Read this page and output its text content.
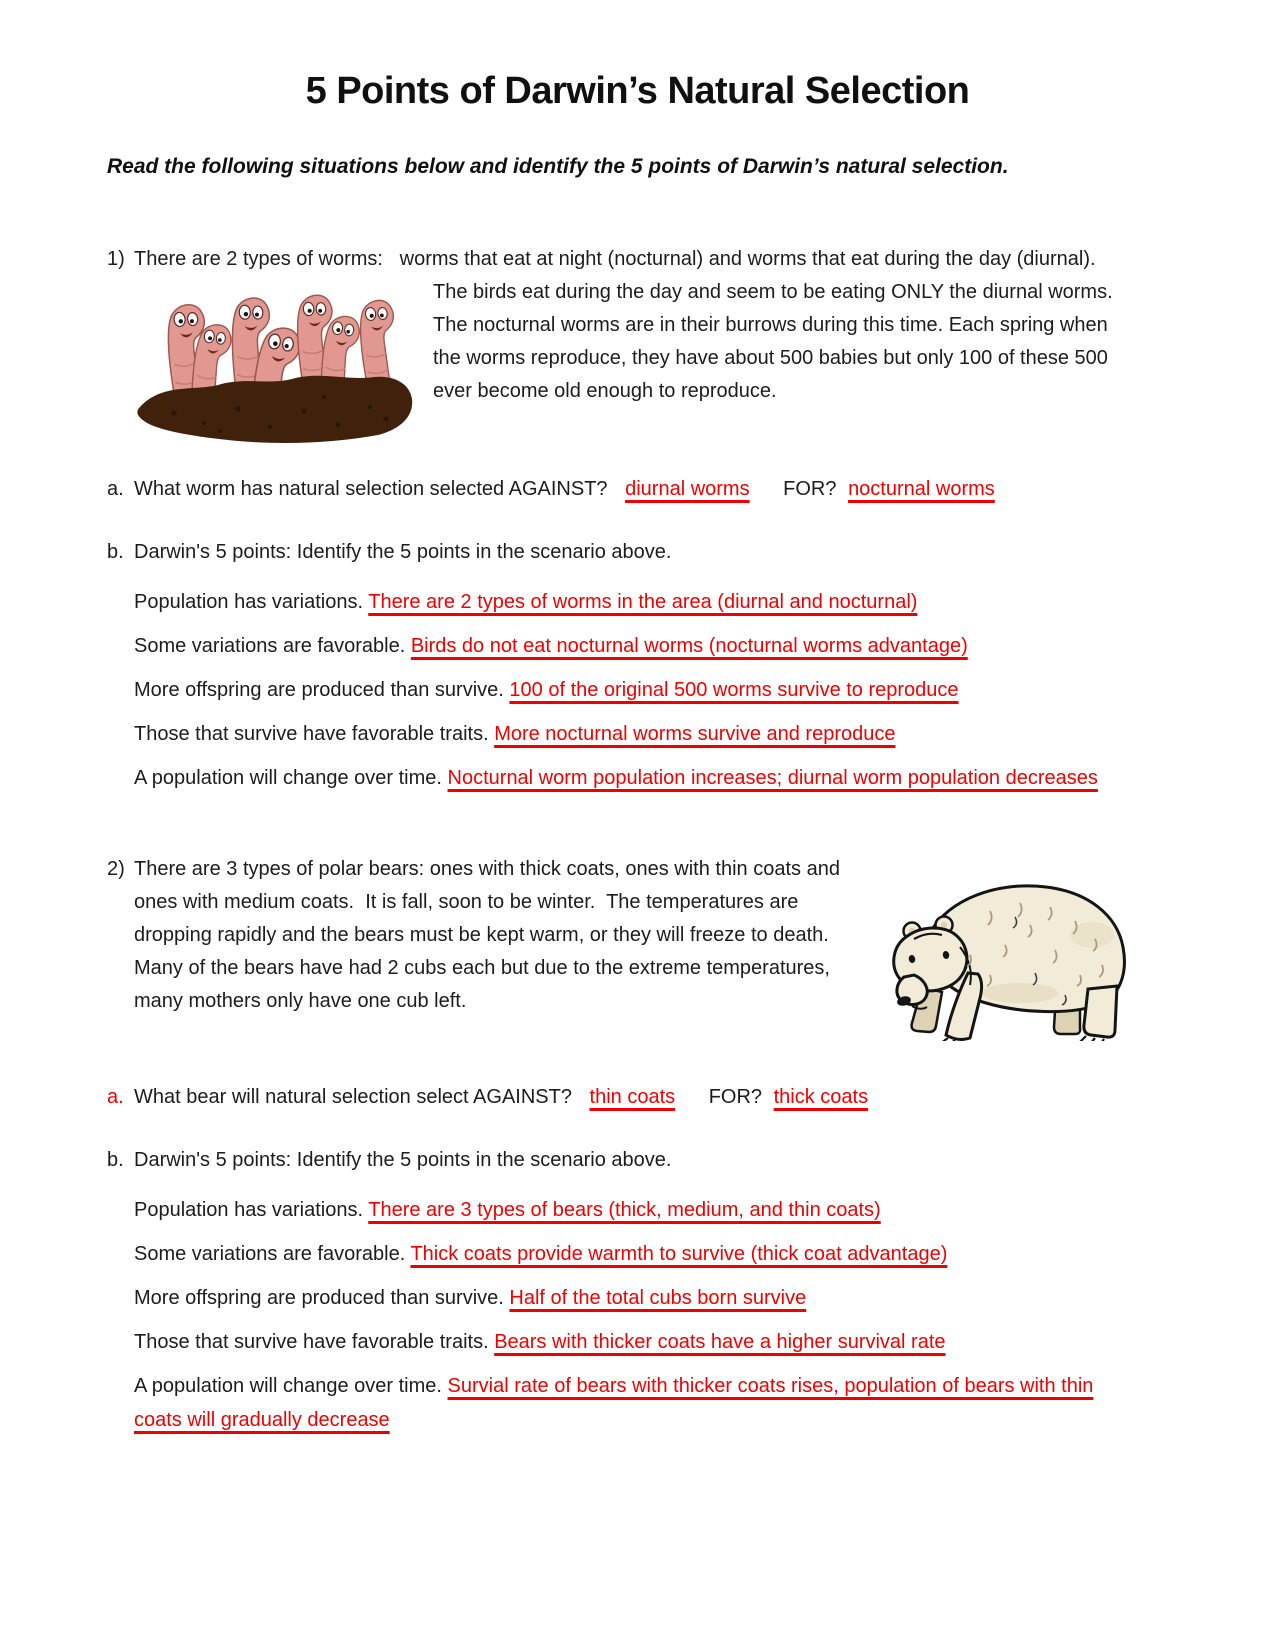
5 Points of Darwin’s Natural Selection

Read the following situations below and identify the 5 points of Darwin’s natural selection.

1) There are 2 types of worms:   worms that eat at night (nocturnal) and worms that eat during the day (diurnal).  The birds eat during the day and seem to be eating ONLY the diurnal worms.  The nocturnal worms are in their burrows during this time. Each spring when the worms reproduce, they have about 500 babies but only 100 of these 500 ever become old enough to reproduce.
a. What worm has natural selection selected AGAINST? diurnal worms FOR? nocturnal worms
b. Darwin's 5 points: Identify the 5 points in the scenario above.

Population has variations. There are 2 types of worms in the area (diurnal and nocturnal)

Some variations are favorable. Birds do not eat nocturnal worms (nocturnal worms advantage)

More offspring are produced than survive. 100 of the original 500 worms survive to reproduce

Those that survive have favorable traits. More nocturnal worms survive and reproduce

A population will change over time. Nocturnal worm population increases; diurnal worm population decreases

2) There are 3 types of polar bears: ones with thick coats, ones with thin coats and ones with medium coats.  It is fall, soon to be winter.  The temperatures are dropping rapidly and the bears must be kept warm, or they will freeze to death.  Many of the bears have had 2 cubs each but due to the extreme temperatures, many mothers only have one cub left.
a. What bear will natural selection select AGAINST? thin coats FOR? thick coats
b. Darwin's 5 points: Identify the 5 points in the scenario above.

Population has variations. There are 3 types of bears (thick, medium, and thin coats)

Some variations are favorable. Thick coats provide warmth to survive (thick coat advantage)

More offspring are produced than survive. Half of the total cubs born survive

Those that survive have favorable traits. Bears with thicker coats have a higher survival rate

A population will change over time. Survial rate of bears with thicker coats rises, population of bears with thin coats will gradually decrease
